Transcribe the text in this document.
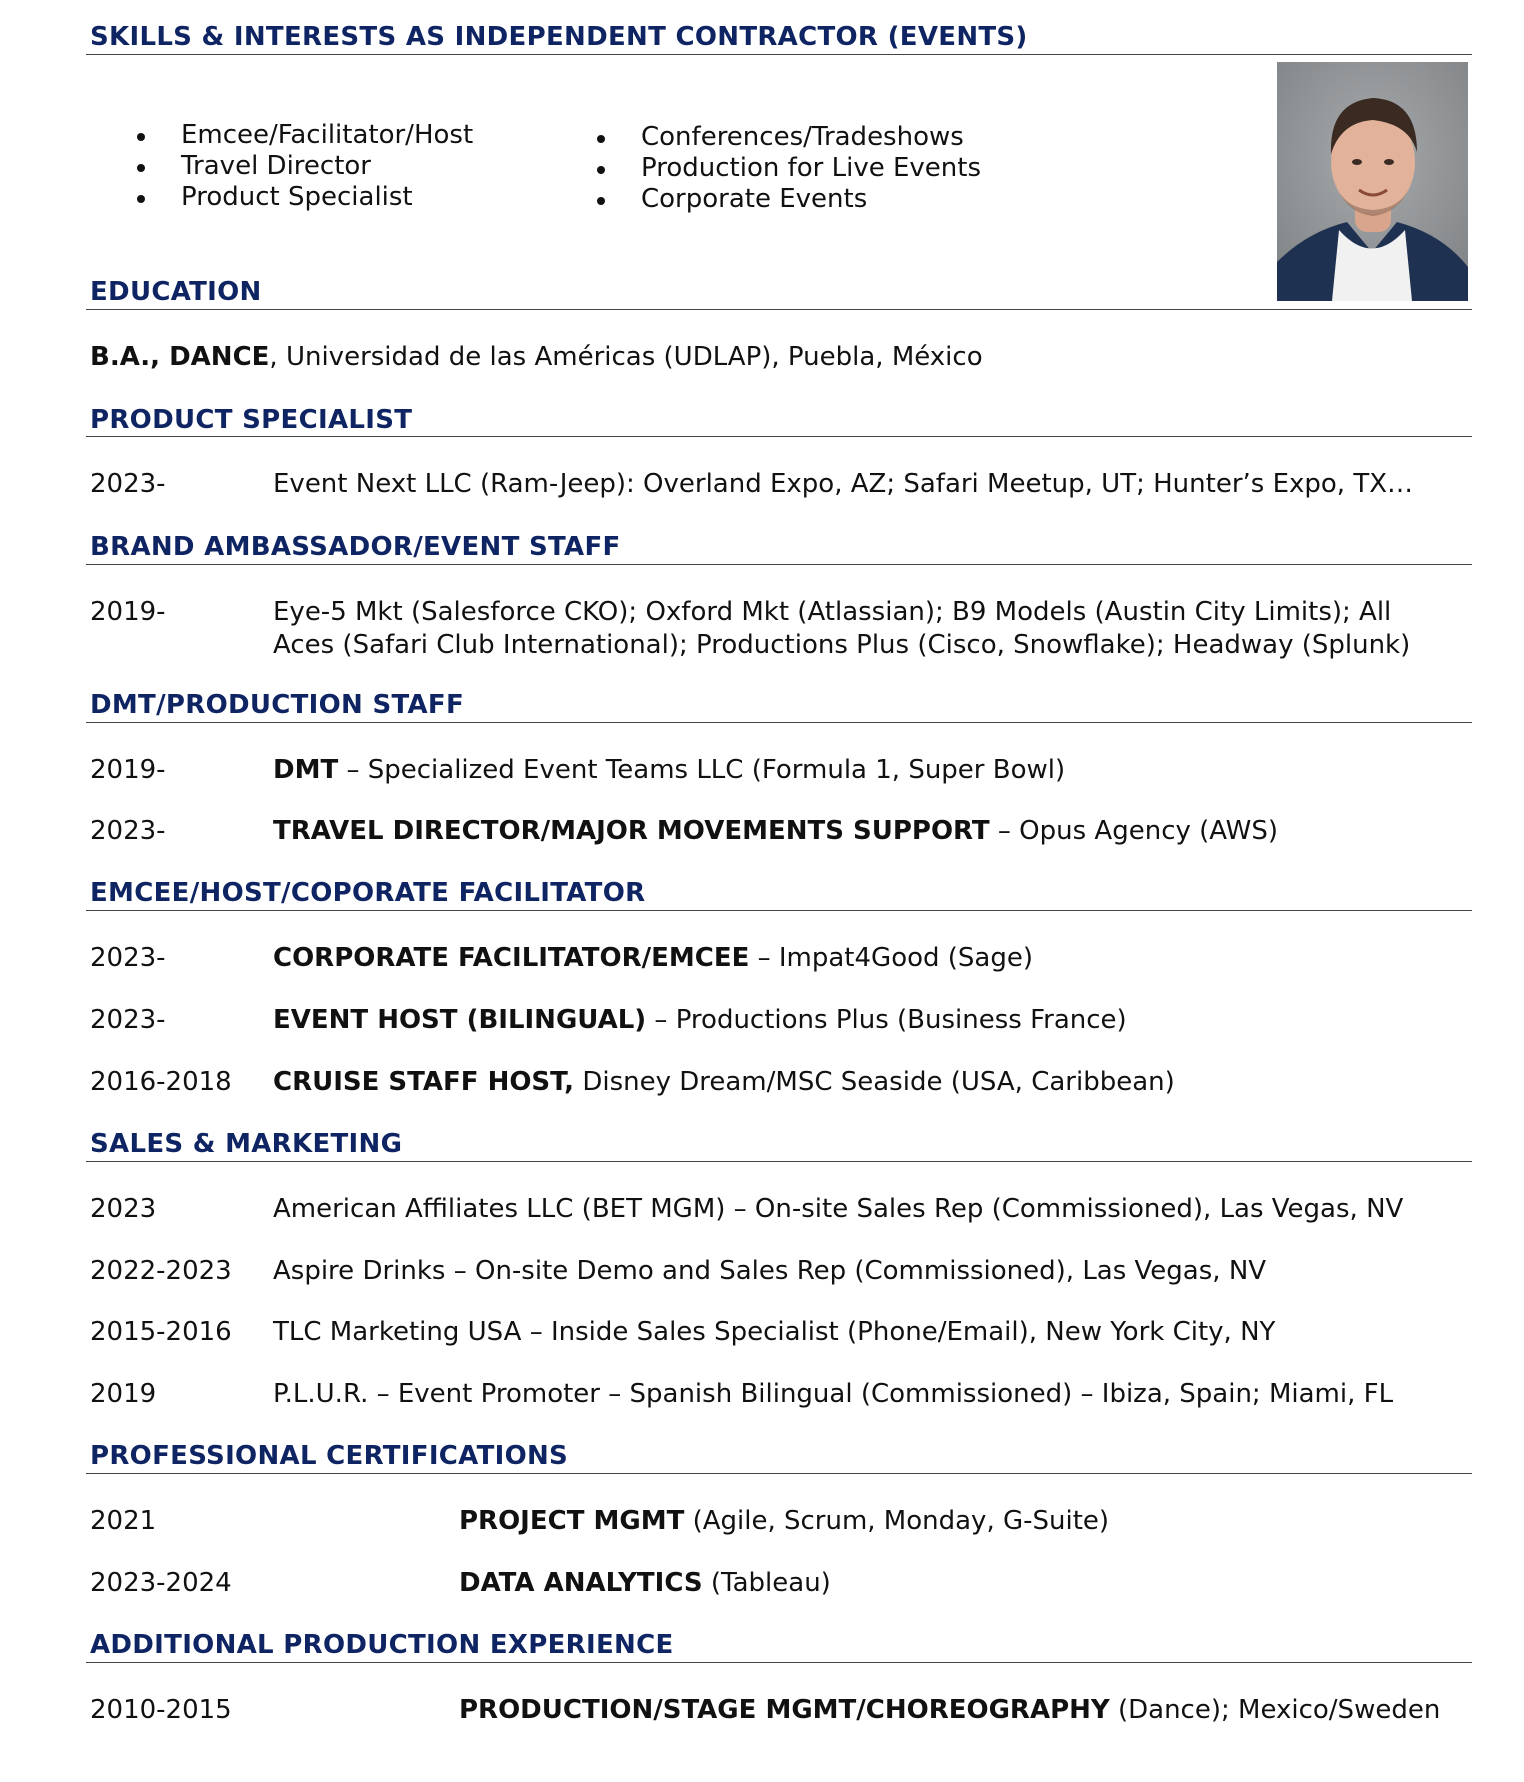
SKILLS & INTERESTS AS INDEPENDENT CONTRACTOR (EVENTS)
Emcee/Facilitator/Host
Travel Director
Product Specialist
Conferences/Tradeshows
Production for Live Events
Corporate Events
EDUCATION
B.A., DANCE, Universidad de las Américas (UDLAP), Puebla, México
PRODUCT SPECIALIST
2023-	Event Next LLC (Ram-Jeep): Overland Expo, AZ; Safari Meetup, UT; Hunter’s Expo, TX…
BRAND AMBASSADOR/EVENT STAFF
2019-	Eye-5 Mkt (Salesforce CKO); Oxford Mkt (Atlassian); B9 Models (Austin City Limits); All Aces (Safari Club International); Productions Plus (Cisco, Snowflake); Headway (Splunk)
DMT/PRODUCTION STAFF
2019-	DMT – Specialized Event Teams LLC (Formula 1, Super Bowl)
2023-	TRAVEL DIRECTOR/MAJOR MOVEMENTS SUPPORT – Opus Agency (AWS)
EMCEE/HOST/COPORATE FACILITATOR
2023-	CORPORATE FACILITATOR/EMCEE – Impat4Good (Sage)
2023-	EVENT HOST (BILINGUAL) – Productions Plus (Business France)
2016-2018 CRUISE STAFF HOST, Disney Dream/MSC Seaside (USA, Caribbean)
SALES & MARKETING
2023	American Affiliates LLC (BET MGM) – On-site Sales Rep (Commissioned), Las Vegas, NV
2022-2023 Aspire Drinks – On-site Demo and Sales Rep (Commissioned), Las Vegas, NV
2015-2016 TLC Marketing USA – Inside Sales Specialist (Phone/Email), New York City, NY
2019	P.L.U.R. – Event Promoter – Spanish Bilingual (Commissioned) – Ibiza, Spain; Miami, FL
PROFESSIONAL CERTIFICATIONS
2021	PROJECT MGMT (Agile, Scrum, Monday, G-Suite)
2023-2024	DATA ANALYTICS (Tableau)
ADDITIONAL PRODUCTION EXPERIENCE
2010-2015	PRODUCTION/STAGE MGMT/CHOREOGRAPHY (Dance); Mexico/Sweden
